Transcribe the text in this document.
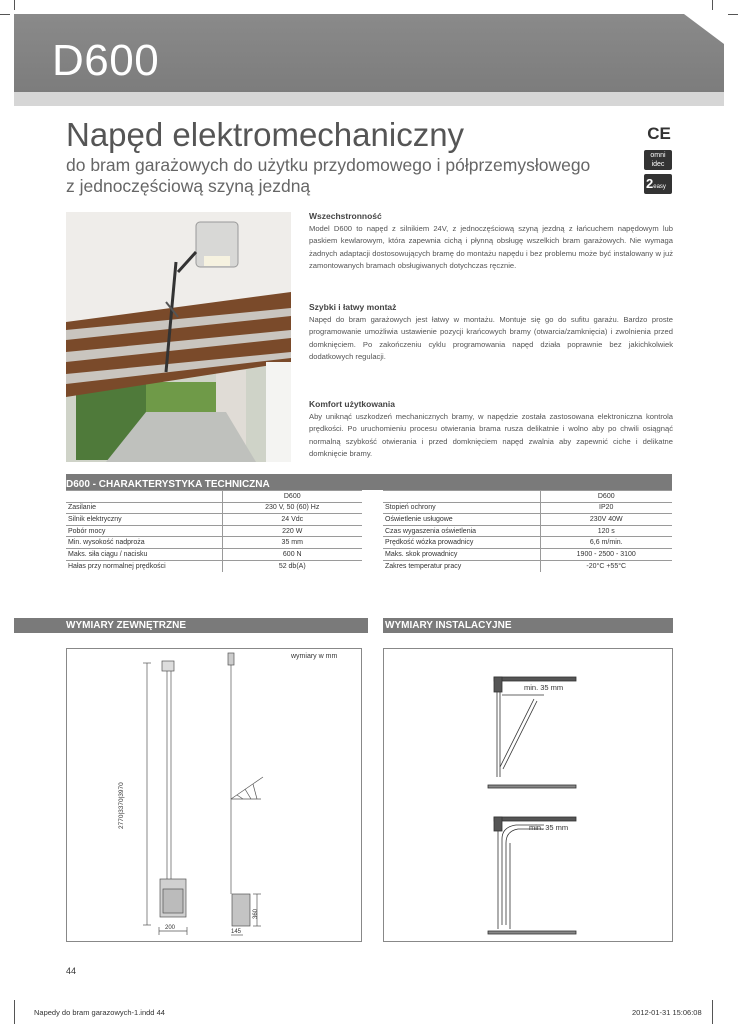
D600
Napęd elektromechaniczny
do bram garażowych do użytku przydomowego i półprzemysłowego
z jednoczęściową szyną jezdną
CE
omni idec
2easy
Wszechstronność

Model D600 to napęd z silnikiem 24V, z jednoczęściową szyną jezdną z łańcuchem napędowym lub paskiem kewlarowym, która zapewnia cichą i płynną obsługę wszelkich bram garażowych. Nie wymaga żadnych adaptacji dostosowujących bramę do montażu napędu i bez problemu może być instalowany w już zamontowanych bramach obsługiwanych dotychczas ręcznie.

Szybki i łatwy montaż

Napęd do bram garażowych jest łatwy w montażu. Montuje się go do sufitu garażu. Bardzo proste programowanie umożliwia ustawienie pozycji krańcowych bramy (otwarcia/zamknięcia) i zwolnienia przed domknięciem. Po zakończeniu cyklu programowania napęd działa poprawnie bez jakichkolwiek dodatkowych regulacji.

Komfort użytkowania

Aby uniknąć uszkodzeń mechanicznych bramy, w napędzie została zastosowana elektroniczna kontrola prędkości. Po uruchomieniu procesu otwierania brama rusza delikatnie i wolno aby po chwili osiągnąć normalną szybkość otwierania i przed domknięciem napęd zwalnia aby zapewnić ciche i delikatne domknięcie bramy.

D600 - CHARAKTERYSTYKA TECHNICZNA
	D600
Zasilanie	230 V, 50 (60) Hz
Silnik elektryczny	24 Vdc
Pobór mocy	220 W
Min. wysokość nadproża	35 mm
Maks. siła ciągu / nacisku	600 N
Hałas przy normalnej prędkości	52 db(A)
	D600
Stopień ochrony	IP20
Oświetlenie usługowe	230V 40W
Czas wygaszenia oświetlenia	120 s
Prędkość wózka prowadnicy	6,6 m/min.
Maks. skok prowadnicy	1900 - 2500 - 3100
Zakres temperatur pracy	-20°C +55°C
WYMIARY ZEWNĘTRZNE	WYMIARY INSTALACYJNE
wymiary w mm
2770|3370|3970
200
145
360
min. 35 mm
min. 35 mm
44
Napedy do bram garazowych-1.indd 44	2012-01-31 15:06:08
